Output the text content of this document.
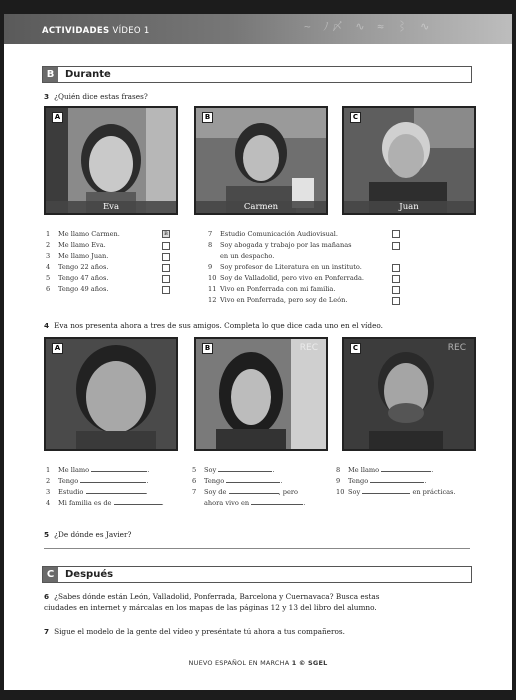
~ ﾉ〆 ∿ ≈ ⌇ ∿
ACTIVIDADES VÍDEO 1
B	Durante
3 ¿Quién dice estas frases?
A
Eva
B
Carmen
C
Juan
1 Me llamo Carmen.	B
2 Me llamo Eva.
3 Me llamo Juan.
4 Tengo 22 años.
5 Tengo 47 años.
6 Tengo 49 años.
7 Estudio Comunicación Audiovisual.
8 Soy abogada y trabajo por las mañanas
en un despacho.
9 Soy profesor de Literatura en un instituto.
10 Soy de Valladolid, pero vivo en Ponferrada.
11 Vivo en Ponferrada con mi familia.
12 Vivo en Ponferrada, pero soy de León.
4 Eva nos presenta ahora a tres de sus amigos. Completa lo que dice cada uno en el vídeo.
A	B	REC	C	REC
1 Me llamo	.
2 Tengo	.
3 Estudio	.
4 Mi familia es de	.
5 Soy	.
6 Tengo	.
7 Soy de	, pero
ahora vivo en	.
8 Me llamo	.
9 Tengo	.
10 Soy	en prácticas.
5 ¿De dónde es Javier?
C	Después
6 ¿Sabes dónde están León, Valladolid, Ponferrada, Barcelona y Cuernavaca? Busca estas
ciudades en internet y márcalas en los mapas de las páginas 12 y 13 del libro del alumno.
7 Sigue el modelo de la gente del vídeo y preséntate tú ahora a tus compañeros.
NUEVO ESPAÑOL EN MARCHA 1 © SGEL
